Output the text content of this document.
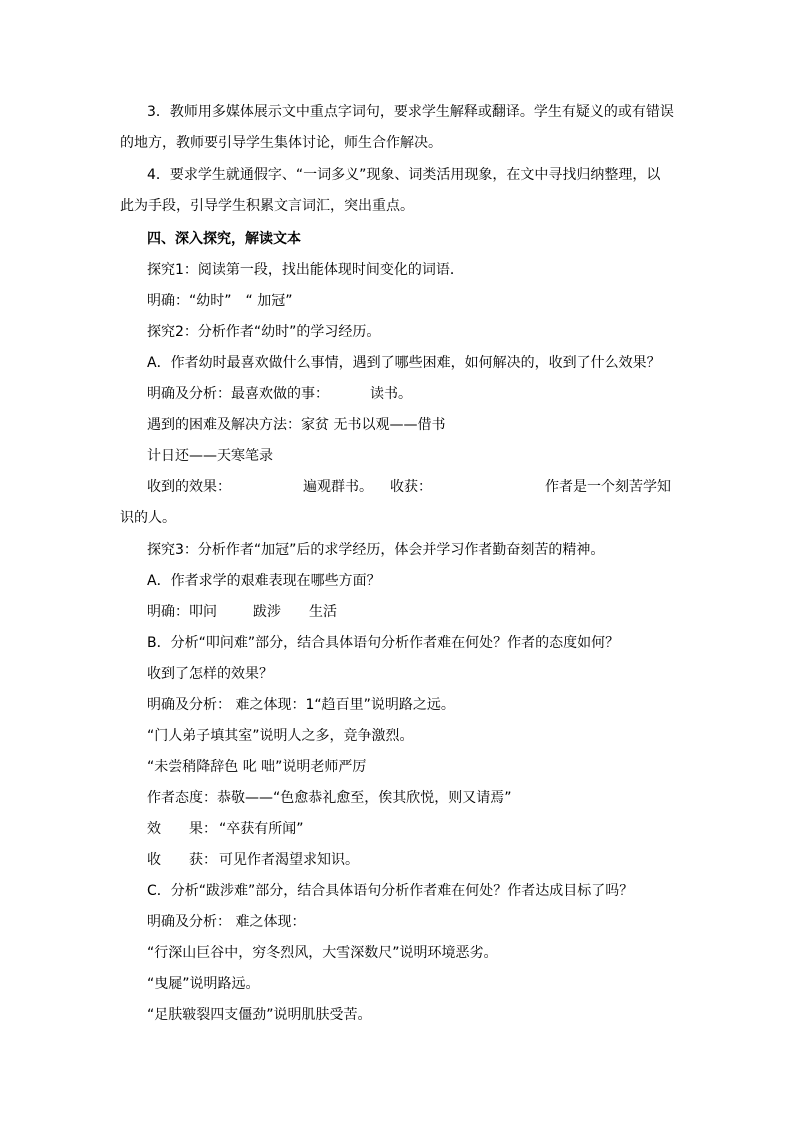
3．教师用多媒体展示文中重点字词句，要求学生解释或翻译。学生有疑义的或有错误
的地方，教师要引导学生集体讨论，师生合作解决。
4．要求学生就通假字、“一词多义”现象、词类活用现象，在文中寻找归纳整理，以
此为手段，引导学生积累文言词汇，突出重点。
四、深入探究，解读文本
探究1：阅读第一段，找出能体现时间变化的词语．
明确：“幼时”　“ 加冠”
探究2：分析作者“幼时”的学习经历。
A．作者幼时最喜欢做什么事情，遇到了哪些困难，如何解决的，收到了什么效果？
明确及分析：最喜欢做的事：	读书。
遇到的困难及解决方法：家贫 无书以观——借书
计日还——天寒笔录
收到的效果：	遍观群书。 收获：	作者是一个刻苦学知
识的人。
探究3：分析作者“加冠”后的求学经历，体会并学习作者勤奋刻苦的精神。
A．作者求学的艰难表现在哪些方面？
明确：叩问	跋涉 生活
B．分析“叩问难”部分，结合具体语句分析作者难在何处？作者的态度如何？
收到了怎样的效果？
明确及分析： 难之体现：1“趋百里”说明路之远。
“门人弟子填其室”说明人之多，竞争激烈。
“未尝稍降辞色 叱 咄”说明老师严厉
作者态度：恭敬——“色愈恭礼愈至，俟其欣悦，则又请焉”
效　　果： “卒获有所闻”
收　　获： 可见作者渴望求知识。
C．分析“跋涉难”部分，结合具体语句分析作者难在何处？作者达成目标了吗？
明确及分析： 难之体现：
“行深山巨谷中，穷冬烈风，大雪深数尺”说明环境恶劣。
“曳屣”说明路远。
“足肤皲裂四支僵劲”说明肌肤受苦。
